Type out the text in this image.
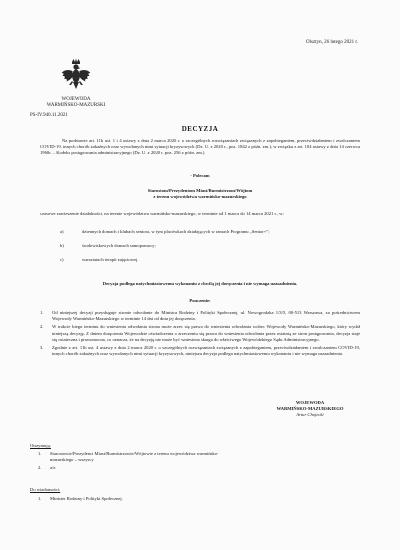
Olsztyn, 26 lutego 2021 r.
WOJEWODA
WARMIŃSKO-MAZURSKI
PS-IV.940.11.2021
DECYZJA

Na podstawie art. 11h ust. 1 i 4 ustawy z dnia 2 marca 2020 r. o szczególnych rozwiązaniach związanych z zapobieganiem, przeciwdziałaniem i zwalczaniem COVID-19, innych chorób zakaźnych oraz wywołanych nimi sytuacji kryzysowych (Dz. U. z 2020 r., poz. 1842 z późn. zm.), w związku z art. 104 ustawy z dnia 14 czerwca 1960r. – Kodeks postępowania administracyjnego (Dz. U. z 2020 r. poz. 256 z późn. zm.)

- Polecam
Starostom/Prezydentom Miast/Burmistrzom/Wójtom
z terenu województwa warmińsko-mazurskiego

czasowe zawieszenie działalności, na terenie województwa warmińsko-mazurskiego, w terminie od 1 marca do 14 marca 2021 r., w:

a)	dziennych domach i klubach seniora, w tym placówkach działających w ramach Programu „Senior+”;
b)	środowiskowych domach samopomocy;
c)	warsztatach terapii zajęciowej.
Decyzja podlega natychmiastowemu wykonaniu z chwilą jej doręczenia i nie wymaga uzasadnienia.
Pouczenie:
1. Od niniejszej decyzji przysługuje stronie odwołanie do Ministra Rodziny i Polityki Społecznej, ul. Nowogrodzka 1/3/5, 00-513 Warszawa, za pośrednictwem Wojewody Warmińsko-Mazurskiego w terminie 14 dni od dnia jej doręczenia.
2. W trakcie biegu terminu do wniesienia odwołania strona może zrzec się prawa do wniesienia odwołania wobec Wojewody Warmińsko-Mazurskiego, który wydał niniejszą decyzję. Z dniem doręczenia Wojewodzie oświadczenia o zrzeczeniu się prawa do wniesienia odwołania przez ostatnią ze stron postępowania, decyzja staje się ostateczna i prawomocna, co oznacza, że na decyzję nie może być wniesiona skarga do właściwego Wojewódzkiego Sądu Administracyjnego.
3. Zgodnie z art. 11h ust. 4 ustawy z dnia 2 marca 2020 r. o szczególnych rozwiązaniach związanych z zapobieganiem, przeciwdziałaniem i zwalczaniem COVID-19, innych chorób zakaźnych oraz wywołanych nimi sytuacji kryzysowych, niniejsza decyzja podlega natychmiastowemu wykonaniu i nie wymaga uzasadnienia.
WOJEWODA
WARMIŃSKO-MAZURSKIEGO
Artur Chojecki
Otrzymują:
1. Starostowie/Prezydenci Miast/Burmistrzowie/Wójtowie z terenu województwa warmińsko-mazurskiego – wszyscy
2. a/a
Do wiadomości:
1. Minister Rodziny i Polityki Społecznej.
